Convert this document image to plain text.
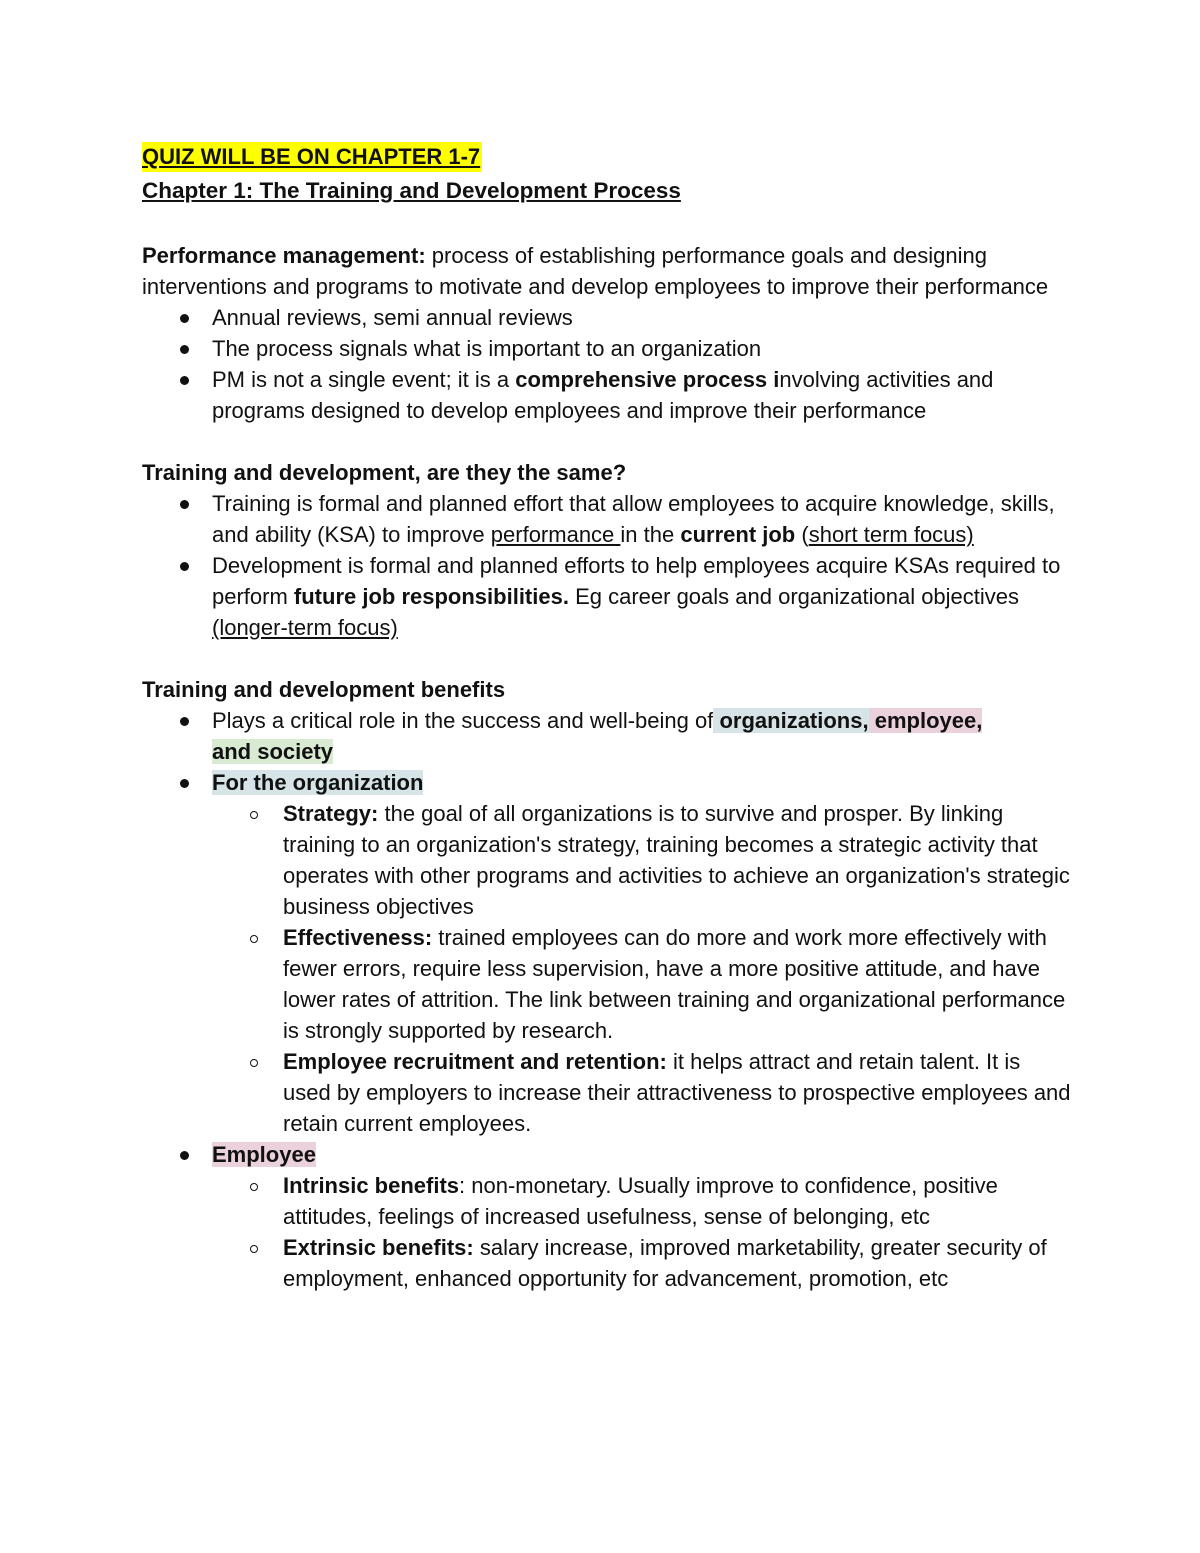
QUIZ WILL BE ON CHAPTER 1-7
Chapter 1: The Training and Development Process
Performance management: process of establishing performance goals and designing interventions and programs to motivate and develop employees to improve their performance
Annual reviews, semi annual reviews
The process signals what is important to an organization
PM is not a single event; it is a comprehensive process involving activities and programs designed to develop employees and improve their performance
Training and development, are they the same?
Training is formal and planned effort that allow employees to acquire knowledge, skills, and ability (KSA) to improve performance in the current job (short term focus)
Development is formal and planned efforts to help employees acquire KSAs required to perform future job responsibilities. Eg career goals and organizational objectives (longer-term focus)
Training and development benefits
Plays a critical role in the success and well-being of organizations, employee,
and society
For the organization
Strategy: the goal of all organizations is to survive and prosper. By linking training to an organization's strategy, training becomes a strategic activity that operates with other programs and activities to achieve an organization's strategic business objectives
Effectiveness: trained employees can do more and work more effectively with fewer errors, require less supervision, have a more positive attitude, and have lower rates of attrition. The link between training and organizational performance is strongly supported by research.
Employee recruitment and retention: it helps attract and retain talent. It is used by employers to increase their attractiveness to prospective employees and retain current employees.
Employee
Intrinsic benefits: non-monetary. Usually improve to confidence, positive attitudes, feelings of increased usefulness, sense of belonging, etc
Extrinsic benefits: salary increase, improved marketability, greater security of employment, enhanced opportunity for advancement, promotion, etc
